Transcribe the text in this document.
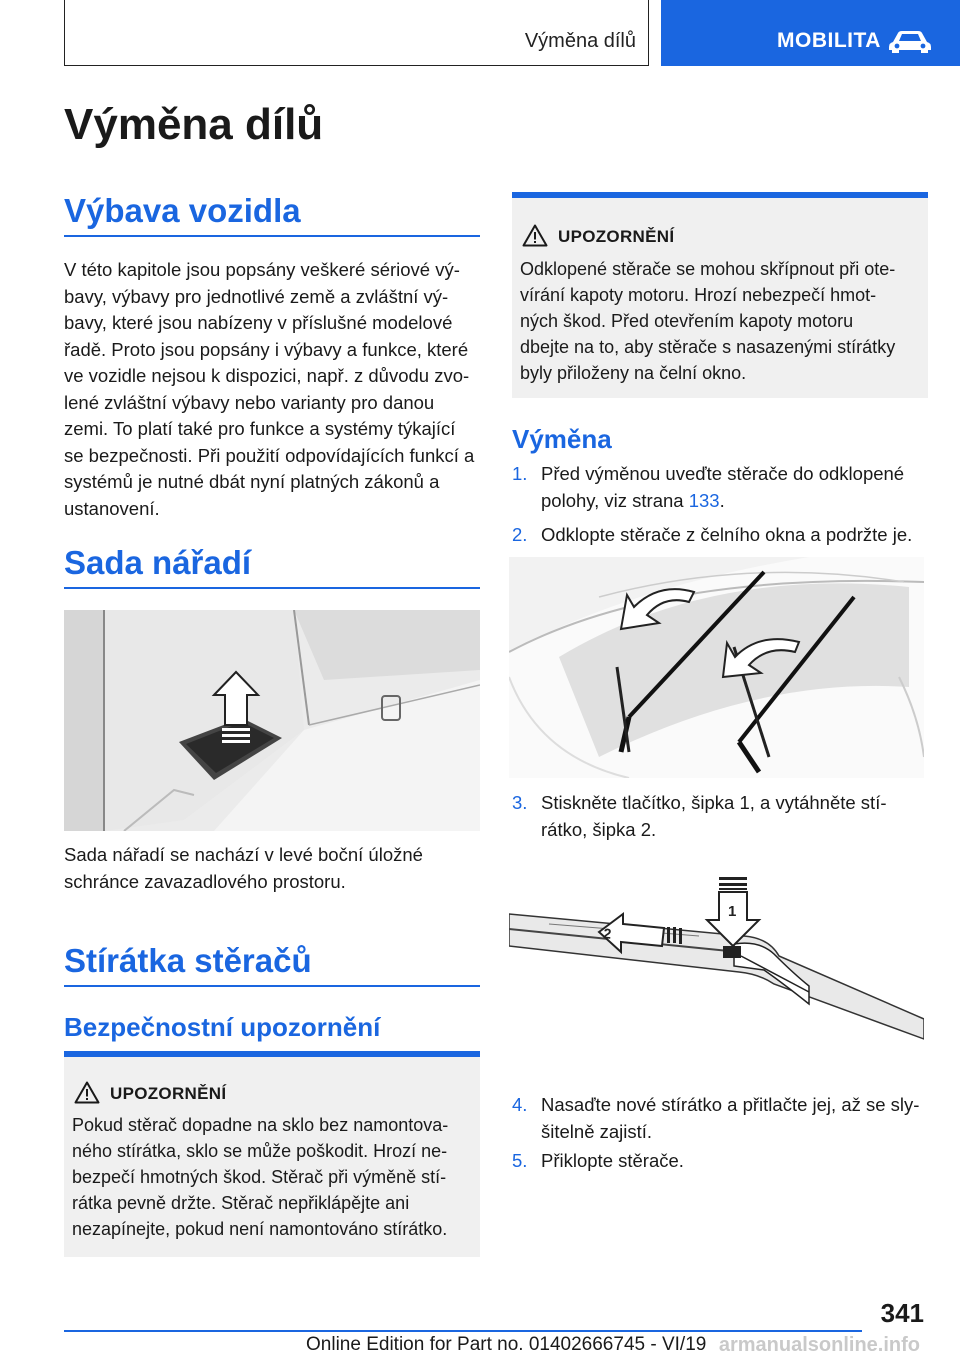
Výměna dílů	MOBILITA
Výměna dílů
Výbava vozidla
V této kapitole jsou popsány veškeré sériové vý‐
bavy, výbavy pro jednotlivé země a zvláštní vý‐
bavy, které jsou nabízeny v příslušné modelové
řadě. Proto jsou popsány i výbavy a funkce, které
ve vozidle nejsou k dispozici, např. z důvodu zvo‐
lené zvláštní výbavy nebo varianty pro danou
zemi. To platí také pro funkce a systémy týkající
se bezpečnosti. Při použití odpovídajících funkcí a
systémů je nutné dbát nyní platných zákonů a
ustanovení.
Sada nářadí
Sada nářadí se nachází v levé boční úložné
schránce zavazadlového prostoru.
Stírátka stěračů
Bezpečnostní upozornění
UPOZORNĚNÍ
Pokud stěrač dopadne na sklo bez namontova‐
ného stírátka, sklo se může poškodit. Hrozí ne‐
bezpečí hmotných škod. Stěrač při výměně stí‐
rátka pevně držte. Stěrač nepřiklápějte ani
nezapínejte, pokud není namontováno stírátko.
UPOZORNĚNÍ
Odklopené stěrače se mohou skřípnout při ote‐
vírání kapoty motoru. Hrozí nebezpečí hmot‐
ných škod. Před otevřením kapoty motoru
dbejte na to, aby stěrače s nasazenými stírátky
byly přiloženy na čelní okno.
Výměna
1. Před výměnou uveďte stěrače do odklopené
polohy, viz strana 133.
2. Odklopte stěrače z čelního okna a podržte je.
3. Stiskněte tlačítko, šipka 1, a vytáhněte stí‐
rátko, šipka 2.
2
1
4. Nasaďte nové stírátko a přitlačte jej, až se sly‐
šitelně zajistí.
5. Přiklopte stěrače.
341
Online Edition for Part no. 01402666745 - VI/19 armanualsonline.info
